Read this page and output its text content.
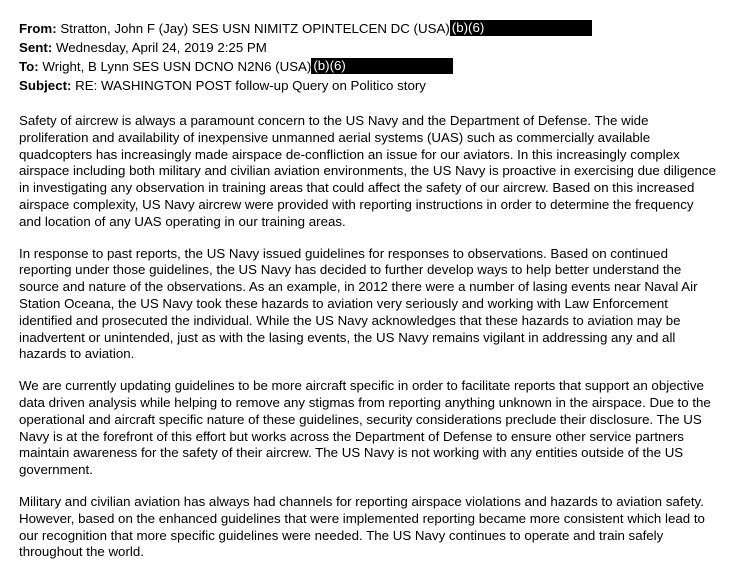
From: Stratton, John F (Jay) SES USN NIMITZ OPINTELCEN DC (USA) (b)(6)
Sent: Wednesday, April 24, 2019 2:25 PM
To: Wright, B Lynn SES USN DCNO N2N6 (USA) (b)(6)
Subject: RE: WASHINGTON POST follow-up Query on Politico story

Safety of aircrew is always a paramount concern to the US Navy and the Department of Defense. The wide proliferation and availability of inexpensive unmanned aerial systems (UAS) such as commercially available quadcopters has increasingly made airspace de-confliction an issue for our aviators. In this increasingly complex airspace including both military and civilian aviation environments, the US Navy is proactive in exercising due diligence in investigating any observation in training areas that could affect the safety of our aircrew. Based on this increased airspace complexity, US Navy aircrew were provided with reporting instructions in order to determine the frequency and location of any UAS operating in our training areas.

In response to past reports, the US Navy issued guidelines for responses to observations. Based on continued reporting under those guidelines, the US Navy has decided to further develop ways to help better understand the source and nature of the observations. As an example, in 2012 there were a number of lasing events near Naval Air Station Oceana, the US Navy took these hazards to aviation very seriously and working with Law Enforcement identified and prosecuted the individual. While the US Navy acknowledges that these hazards to aviation may be inadvertent or unintended, just as with the lasing events, the US Navy remains vigilant in addressing any and all hazards to aviation.

We are currently updating guidelines to be more aircraft specific in order to facilitate reports that support an objective data driven analysis while helping to remove any stigmas from reporting anything unknown in the airspace. Due to the operational and aircraft specific nature of these guidelines, security considerations preclude their disclosure. The US Navy is at the forefront of this effort but works across the Department of Defense to ensure other service partners maintain awareness for the safety of their aircrew. The US Navy is not working with any entities outside of the US government.

Military and civilian aviation has always had channels for reporting airspace violations and hazards to aviation safety. However, based on the enhanced guidelines that were implemented reporting became more consistent which lead to our recognition that more specific guidelines were needed. The US Navy continues to operate and train safely throughout the world.
